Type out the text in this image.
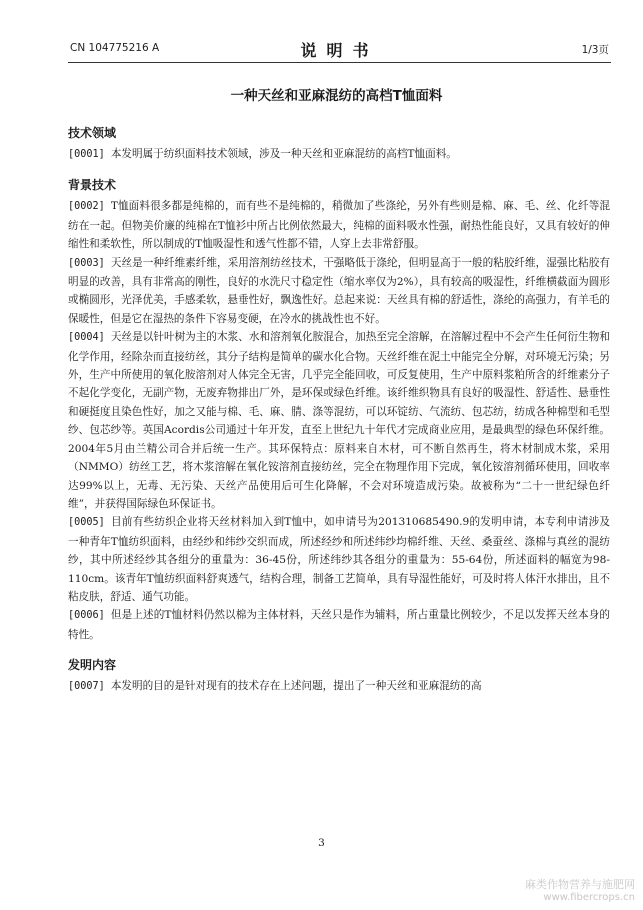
CN 104775216 A	说明书	1/3页
一种天丝和亚麻混纺的高档T恤面料
技术领域

[0001] 本发明属于纺织面料技术领域，涉及一种天丝和亚麻混纺的高档T恤面料。

背景技术

[0002] T恤面料很多都是纯棉的，而有些不是纯棉的，稍微加了些涤纶，另外有些则是棉、麻、毛、丝、化纤等混纺在一起。但物美价廉的纯棉在T恤衫中所占比例依然最大，纯棉的面料吸水性强，耐热性能良好，又具有较好的伸缩性和柔软性，所以制成的T恤吸湿性和透气性都不错，人穿上去非常舒服。

[0003] 天丝是一种纤维素纤维，采用溶剂纺丝技术，干强略低于涤纶，但明显高于一般的粘胶纤维，湿强比粘胶有明显的改善，具有非常高的刚性，良好的水洗尺寸稳定性（缩水率仅为2%），具有较高的吸湿性，纤维横截面为圆形或椭圆形，光泽优美，手感柔软，悬垂性好，飘逸性好。总起来说：天丝具有棉的舒适性，涤纶的高强力，有羊毛的保暖性，但是它在湿热的条件下容易变硬，在冷水的挑战性也不好。

[0004] 天丝是以针叶树为主的木浆、水和溶剂氧化胺混合，加热至完全溶解，在溶解过程中不会产生任何衍生物和化学作用，经除杂而直接纺丝，其分子结构是简单的碳水化合物。天丝纤维在泥土中能完全分解，对环境无污染；另外，生产中所使用的氧化胺溶剂对人体完全无害，几乎完全能回收，可反复使用，生产中原料浆粕所含的纤维素分子不起化学变化，无副产物，无废弃物排出厂外，是环保或绿色纤维。该纤维织物具有良好的吸湿性、舒适性、悬垂性和硬挺度且染色性好，加之又能与棉、毛、麻、腈、涤等混纺，可以环锭纺、气流纺、包芯纺，纺成各种棉型和毛型纱、包芯纱等。英国Acordis公司通过十年开发，直至上世纪九十年代才完成商业应用，是最典型的绿色环保纤维。2004年5月由兰精公司合并后统一生产。其环保特点：原料来自木材，可不断自然再生，将木材制成木浆，采用（NMMO）纺丝工艺，将木浆溶解在氧化铵溶剂直接纺丝，完全在物理作用下完成，氧化铵溶剂循环使用，回收率达99%以上，无毒、无污染、天丝产品使用后可生化降解，不会对环境造成污染。故被称为“二十一世纪绿色纤维”，并获得国际绿色环保证书。

[0005] 目前有些纺织企业将天丝材料加入到T恤中，如申请号为201310685490.9的发明申请，本专利申请涉及一种青年T恤纺织面料，由经纱和纬纱交织而成，所述经纱和所述纬纱均棉纤维、天丝、桑蚕丝、涤棉与真丝的混纺纱，其中所述经纱其各组分的重量为：36-45份，所述纬纱其各组分的重量为：55-64份，所述面料的幅宽为98-110cm。该青年T恤纺织面料舒爽透气，结构合理，制备工艺简单，具有导湿性能好，可及时将人体汗水排出，且不粘皮肤，舒适、通气功能。

[0006] 但是上述的T恤材料仍然以棉为主体材料，天丝只是作为辅料，所占重量比例较少，不足以发挥天丝本身的特性。

发明内容

[0007] 本发明的目的是针对现有的技术存在上述问题，提出了一种天丝和亚麻混纺的高

3
麻类作物营养与施肥网
www.fibercrops.cn
